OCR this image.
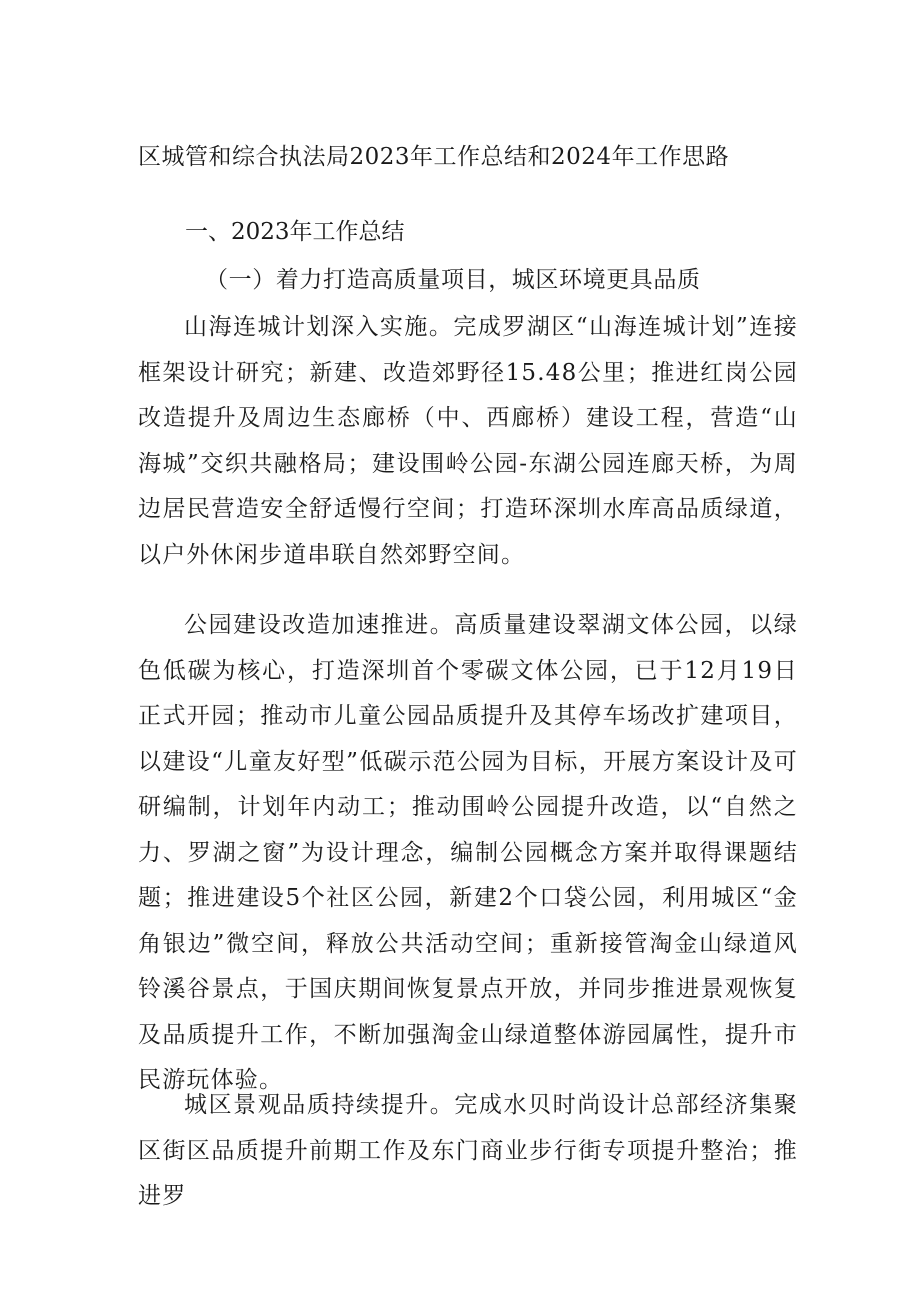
区城管和综合执法局2023年工作总结和2024年工作思路
一、2023年工作总结
（一）着力打造高质量项目，城区环境更具品质

山海连城计划深入实施。完成罗湖区“山海连城计划”连接框架设计研究；新建、改造郊野径15.48公里；推进红岗公园改造提升及周边生态廊桥（中、西廊桥）建设工程，营造“山海城”交织共融格局；建设围岭公园-东湖公园连廊天桥，为周边居民营造安全舒适慢行空间；打造环深圳水库高品质绿道，以户外休闲步道串联自然郊野空间。

公园建设改造加速推进。高质量建设翠湖文体公园，以绿色低碳为核心，打造深圳首个零碳文体公园，已于12月19日正式开园；推动市儿童公园品质提升及其停车场改扩建项目，以建设“儿童友好型”低碳示范公园为目标，开展方案设计及可研编制，计划年内动工；推动围岭公园提升改造，以“自然之力、罗湖之窗”为设计理念，编制公园概念方案并取得课题结题；推进建设5个社区公园，新建2个口袋公园，利用城区“金角银边”微空间，释放公共活动空间；重新接管淘金山绿道风铃溪谷景点，于国庆期间恢复景点开放，并同步推进景观恢复及品质提升工作，不断加强淘金山绿道整体游园属性，提升市民游玩体验。

城区景观品质持续提升。完成水贝时尚设计总部经济集聚区街区品质提升前期工作及东门商业步行街专项提升整治；推进罗
